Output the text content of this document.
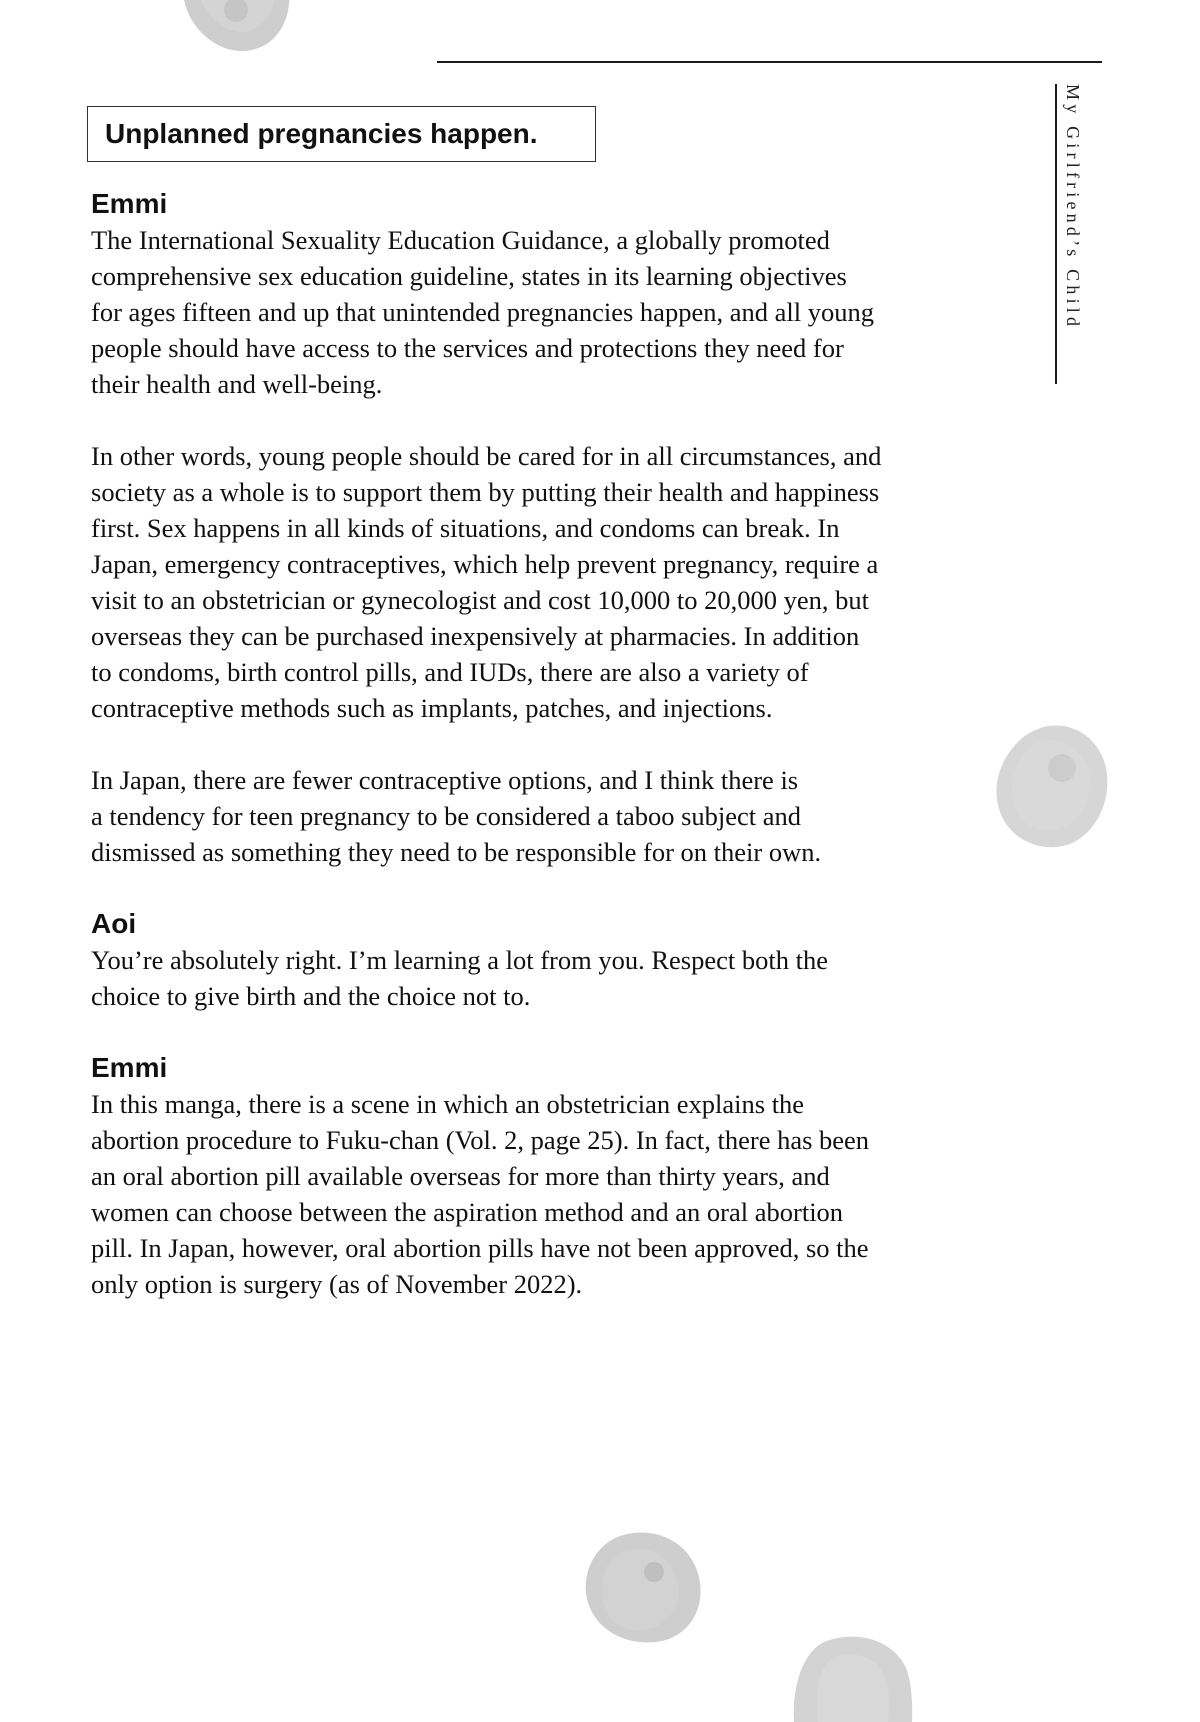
My Girlfriend’s Child
Unplanned pregnancies happen.
Emmi

The International Sexuality Education Guidance, a globally promoted
comprehensive sex education guideline, states in its learning objectives
for ages fifteen and up that unintended pregnancies happen, and all young
people should have access to the services and protections they need for
their health and well-being.

In other words, young people should be cared for in all circumstances, and
society as a whole is to support them by putting their health and happiness
first. Sex happens in all kinds of situations, and condoms can break. In
Japan, emergency contraceptives, which help prevent pregnancy, require a
visit to an obstetrician or gynecologist and cost 10,000 to 20,000 yen, but
overseas they can be purchased inexpensively at pharmacies. In addition
to condoms, birth control pills, and IUDs, there are also a variety of
contraceptive methods such as implants, patches, and injections.

In Japan, there are fewer contraceptive options, and I think there is
a tendency for teen pregnancy to be considered a taboo subject and
dismissed as something they need to be responsible for on their own.

Aoi

You’re absolutely right. I’m learning a lot from you. Respect both the
choice to give birth and the choice not to.

Emmi

In this manga, there is a scene in which an obstetrician explains the
abortion procedure to Fuku-chan (Vol. 2, page 25). In fact, there has been
an oral abortion pill available overseas for more than thirty years, and
women can choose between the aspiration method and an oral abortion
pill. In Japan, however, oral abortion pills have not been approved, so the
only option is surgery (as of November 2022).
